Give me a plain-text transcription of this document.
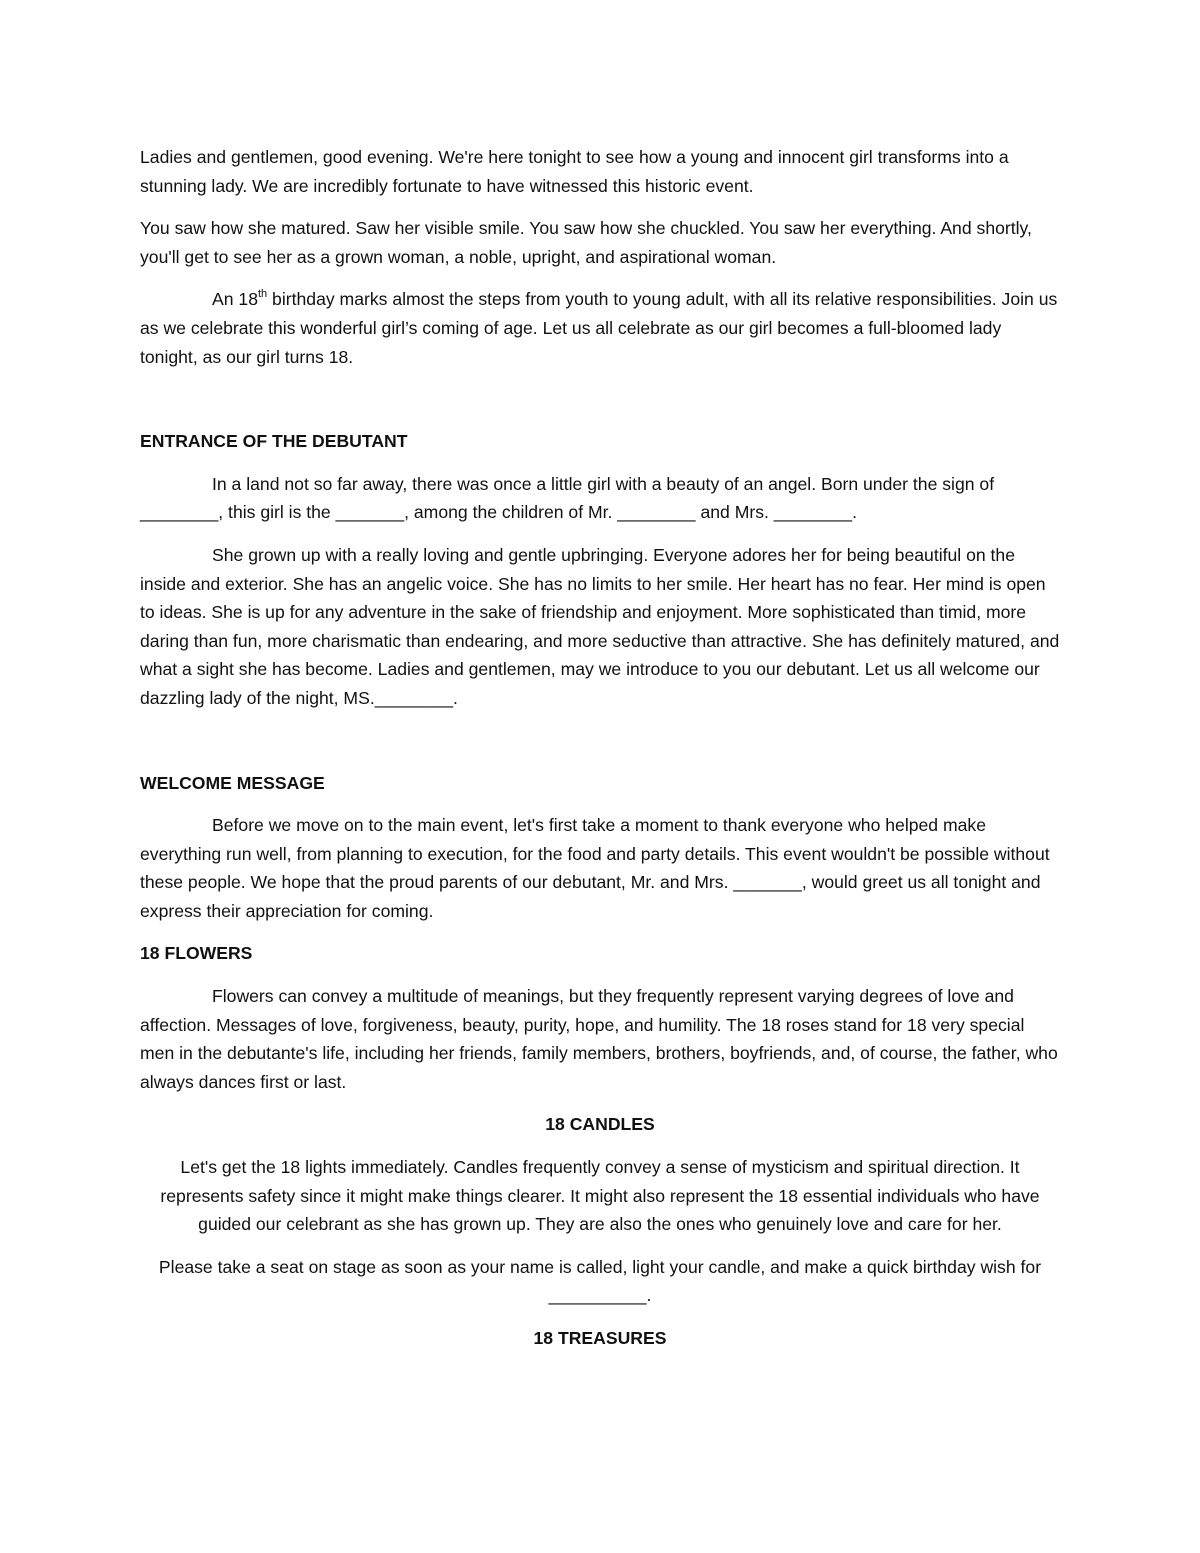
Ladies and gentlemen, good evening. We're here tonight to see how a young and innocent girl transforms into a stunning lady. We are incredibly fortunate to have witnessed this historic event.

You saw how she matured. Saw her visible smile. You saw how she chuckled. You saw her everything. And shortly, you'll get to see her as a grown woman, a noble, upright, and aspirational woman.

An 18th birthday marks almost the steps from youth to young adult, with all its relative responsibilities. Join us as we celebrate this wonderful girl’s coming of age. Let us all celebrate as our girl becomes a full-bloomed lady tonight, as our girl turns 18.

ENTRANCE OF THE DEBUTANT

In a land not so far away, there was once a little girl with a beauty of an angel. Born under the sign of ________, this girl is the _______, among the children of Mr. ________ and Mrs. ________.

She grown up with a really loving and gentle upbringing. Everyone adores her for being beautiful on the inside and exterior. She has an angelic voice. She has no limits to her smile. Her heart has no fear. Her mind is open to ideas. She is up for any adventure in the sake of friendship and enjoyment. More sophisticated than timid, more daring than fun, more charismatic than endearing, and more seductive than attractive. She has definitely matured, and what a sight she has become. Ladies and gentlemen, may we introduce to you our debutant. Let us all welcome our dazzling lady of the night, MS.________.

WELCOME MESSAGE

Before we move on to the main event, let's first take a moment to thank everyone who helped make everything run well, from planning to execution, for the food and party details. This event wouldn't be possible without these people. We hope that the proud parents of our debutant, Mr. and Mrs. _______, would greet us all tonight and express their appreciation for coming.

18 FLOWERS

Flowers can convey a multitude of meanings, but they frequently represent varying degrees of love and affection. Messages of love, forgiveness, beauty, purity, hope, and humility. The 18 roses stand for 18 very special men in the debutante's life, including her friends, family members, brothers, boyfriends, and, of course, the father, who always dances first or last.

18 CANDLES

Let's get the 18 lights immediately. Candles frequently convey a sense of mysticism and spiritual direction. It represents safety since it might make things clearer. It might also represent the 18 essential individuals who have guided our celebrant as she has grown up. They are also the ones who genuinely love and care for her.

Please take a seat on stage as soon as your name is called, light your candle, and make a quick birthday wish for __________.

18 TREASURES
